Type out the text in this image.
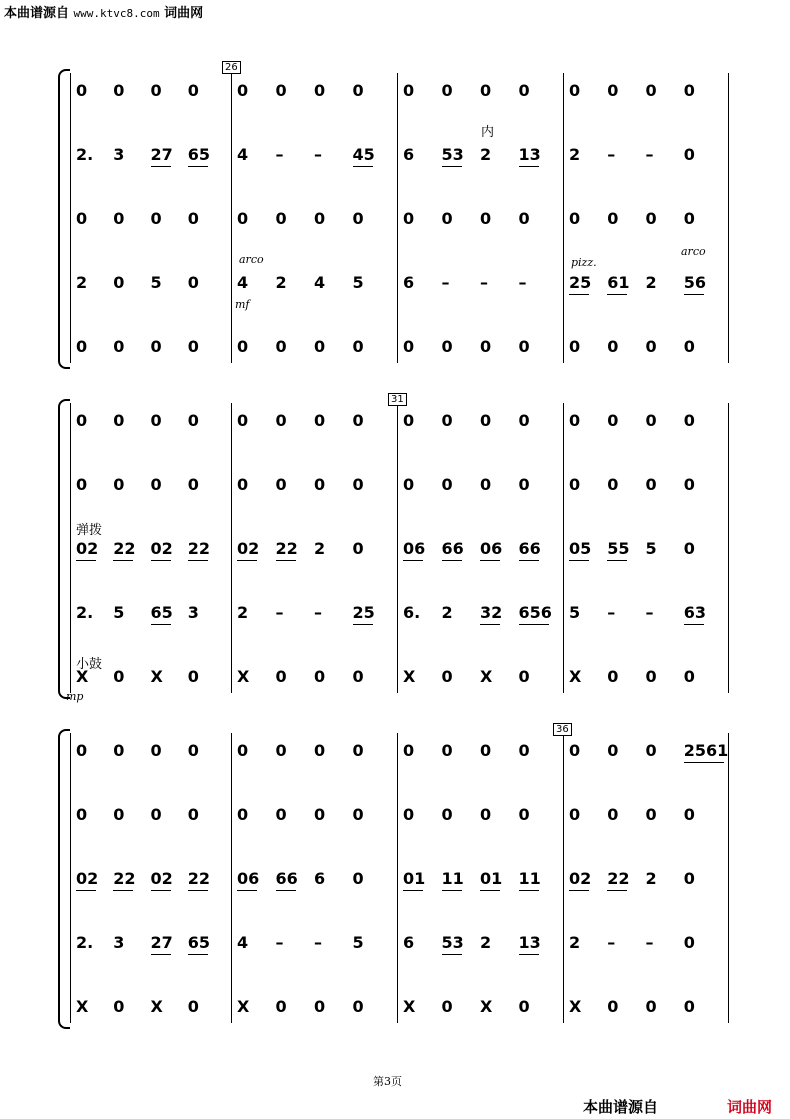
本曲谱源自 www.ktvc8.com 词曲网
0 0 0 0 0 0 0 0 0 0 0 0 0 0 0 0
2. 3 27 65 4 – – 45 6 53 2 13 2 – – 0
0 0 0 0 0 0 0 0 0 0 0 0 0 0 0 0
2 0 5 0 4 2 4 5 6 – – –	25 61 2 56
0 0 0 0 0 0 0 0 0 0 0 0 0 0 0 0
0 0 0 0 0 0 0 0 0 0 0 0 0 0 0 0
0 0 0 0 0 0 0 0 0 0 0 0 0 0 0 0
02 22 02 22 02 22 2 0 06 66 06 66 05 55 5 0
2. 5 65 3 2 – – 25 6. 2 32 656 5 – – 63
X 0 X 0 X 0 0 0 X 0 X 0 X 0 0 0
0 0 0 0 0 0 0 0 0 0 0 0 0 0 0 2561
0 0 0 0 0 0 0 0 0 0 0 0 0 0 0 0
02 22 02 22 06 66 6 0 01 11 01 11 02 22 2 0
2. 3 27 65 4 – – 5 6 53 2 13 2 – – 0
X 0 X 0 X 0 0 0 X 0 X 0 X 0 0 0
26
31
36
arco
mf
pizz.
arco
内
弹拨
小鼓
mp
第3页
本曲谱源自	词曲网
